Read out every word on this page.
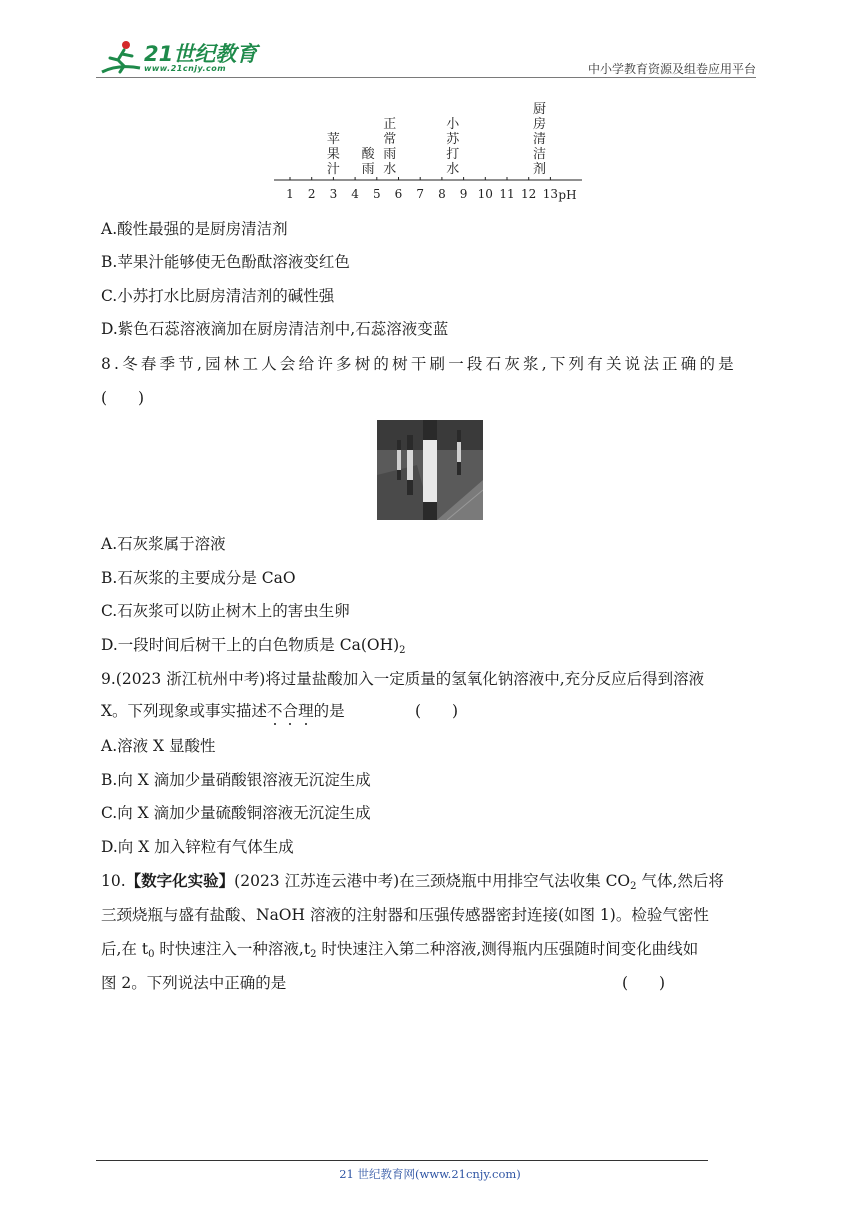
21世纪教育
www.21cnjy.com	中小学教育资源及组卷应用平台
1 2 3 4 5 6 7 8 9 10 11 12 13 pH
苹果汁
酸雨
正常雨水
小苏打水
厨房清洁剂
A.酸性最强的是厨房清洁剂
B.苹果汁能够使无色酚酞溶液变红色
C.小苏打水比厨房清洁剂的碱性强
D.紫色石蕊溶液滴加在厨房清洁剂中,石蕊溶液变蓝
8.冬春季节,园林工人会给许多树的树干刷一段石灰浆,下列有关说法正确的是
(　　)
A.石灰浆属于溶液
B.石灰浆的主要成分是 CaO
C.石灰浆可以防止树木上的害虫生卵
D.一段时间后树干上的白色物质是 $Ca(OH)_2$
9.(2023 浙江杭州中考)将过量盐酸加入一定质量的氢氧化钠溶液中,充分反应后得到溶液
X。下列现象或事实描述不合理的是	(　　)
A.溶液 X 显酸性
B.向 X 滴加少量硝酸银溶液无沉淀生成
C.向 X 滴加少量硫酸铜溶液无沉淀生成
D.向 X 加入锌粒有气体生成
10.【数字化实验】(2023 江苏连云港中考)在三颈烧瓶中用排空气法收集 $CO_2$ 气体,然后将
三颈烧瓶与盛有盐酸、NaOH 溶液的注射器和压强传感器密封连接(如图 1)。检验气密性
后,在 $t_0$ 时快速注入一种溶液$,t_2$ 时快速注入第二种溶液,测得瓶内压强随时间变化曲线如
图 2。下列说法中正确的是	(　　)
21 世纪教育网(www.21cnjy.com)
